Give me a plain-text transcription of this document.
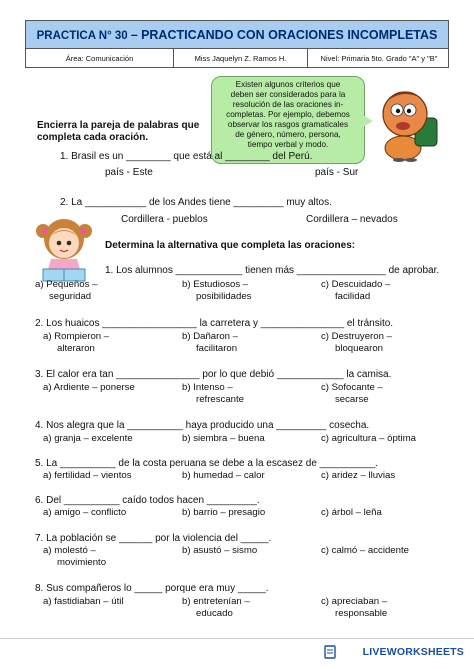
PRACTICA N° 30 – PRACTICANDO CON ORACIONES INCOMPLETAS
Área: Comunicación	Miss Jaquelyn Z. Ramos H.	Nivel: Primaria 5to. Grado "A" y "B"
Existen algunos criterios que
deben ser considerados para la
resolución de las oraciones in-
completas. Por ejemplo, debemos
observar los rasgos gramaticales
de género, número, persona,
tiempo verbal y modo.
Encierra la pareja de palabras que
completa cada oración.
1. Brasil es un ________ que está al ________ del Perú.
país - Este	país - Sur
2. La ___________ de los Andes tiene _________ muy altos.
Cordillera - pueblos	Cordillera – nevados
Determina la alternativa que completa las oraciones:
1. Los alumnos ____________ tienen más ________________ de aprobar.
a) Pequeños –
seguridad
b) Estudiosos –
posibilidades
c) Descuidado –
facilidad
2. Los huaicos _________________ la carretera y _______________ el tránsito.
a) Rompieron –
alteraron
b) Dañaron –
facilitaron
c) Destruyeron –
bloquearon
3. El calor era tan _______________ por lo que debió ____________ la camisa.
a) Ardiente – ponerse	b) Intenso –
refrescante
c) Sofocante –
secarse
4. Nos alegra que la __________ haya producido una _________ cosecha.
a) granja – excelente	b) siembra – buena	c) agricultura – óptima
5. La __________ de la costa peruana se debe a la escasez de __________.
a) fertilidad – vientos	b) humedad – calor	c) aridez – lluvias
6. Del __________ caído todos hacen _________.
a) amigo – conflicto	b) barrio – presagio	c) árbol – leña
7. La población se ______ por la violencia del _____.
a) molestó –
movimiento
b) asustó – sismo	c) calmó – accidente
8. Sus compañeros lo _____ porque era muy _____.
a) fastidiaban – útil	b) entretenían –
educado
c) apreciaban –
responsable
LIVEWORKSHEETS
